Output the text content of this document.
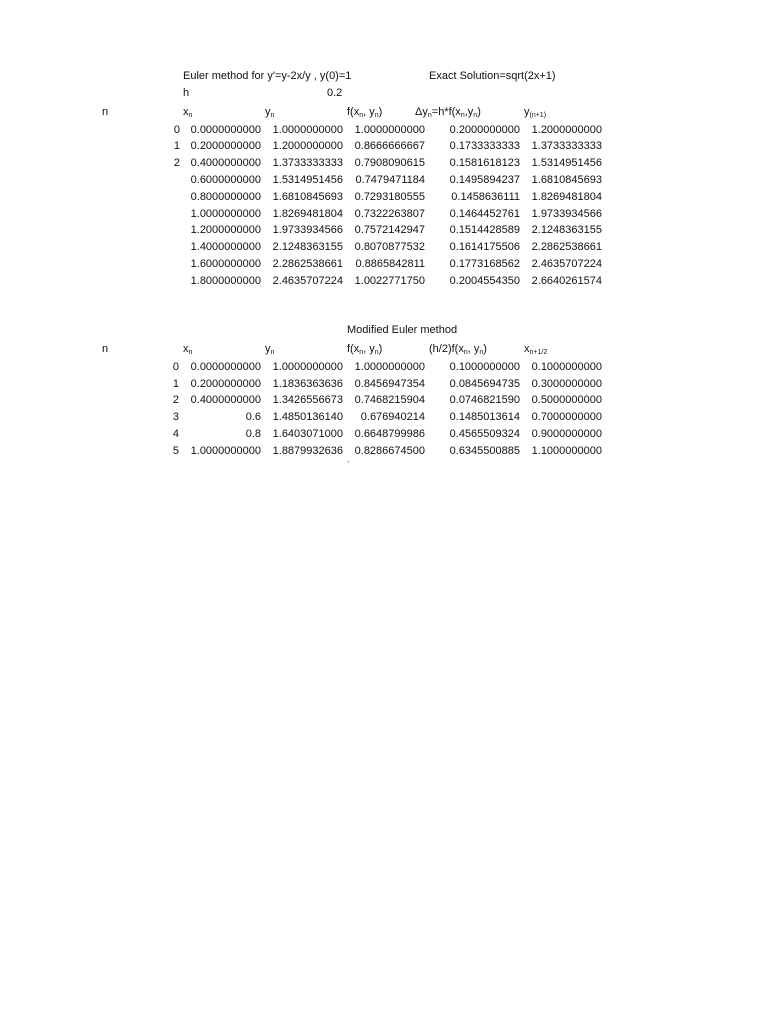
Euler method for y'=y-2x/y , y(0)=1	Exact Solution=sqrt(2x+1)
h	0.2
n	$x_n$	$y_n$	$f(x_n$, $y_n$)	$\Delta y_n=h*f(x_n,y_n)$	$y_{(n+1)}$
0 0.0000000000	1.0000000000	1.0000000000	0.2000000000	1.2000000000
1 0.2000000000	1.2000000000	0.8666666667	0.1733333333	1.3733333333
2 0.4000000000	1.3733333333	0.7908090615	0.1581618123	1.5314951456
0.6000000000	1.5314951456	0.7479471184	0.1495894237	1.6810845693
0.8000000000	1.6810845693	0.7293180555	0.1458636111	1.8269481804
1.0000000000	1.8269481804	0.7322263807	0.1464452761	1.9733934566
1.2000000000	1.9733934566	0.7572142947	0.1514428589	2.1248363155
1.4000000000	2.1248363155	0.8070877532	0.1614175506	2.2862538661
1.6000000000	2.2862538661	0.8865842811	0.1773168562	2.4635707224
1.8000000000	2.4635707224	1.0022771750	0.2004554350	2.6640261574
Modified Euler method
n	$x_n$	$y_n$	$f(x_n$, $y_n$)	$(h/2)f(x_n$, $y_n$)	$x_{n+1/2}$
0	0.0000000000	1.0000000000	1.0000000000	0.1000000000	0.1000000000
1	0.2000000000	1.1836363636	0.8456947354	0.0845694735	0.3000000000
2	0.4000000000	1.3426556673	0.7468215904	0.0746821590	0.5000000000
3	0.6	1.4850136140	0.676940214	0.1485013614	0.7000000000
4	0.8	1.6403071000	0.6648799986	0.4565509324	0.9000000000
5	1.0000000000	1.8879932636	0.8286674500	0.6345500885	1.1000000000
`
